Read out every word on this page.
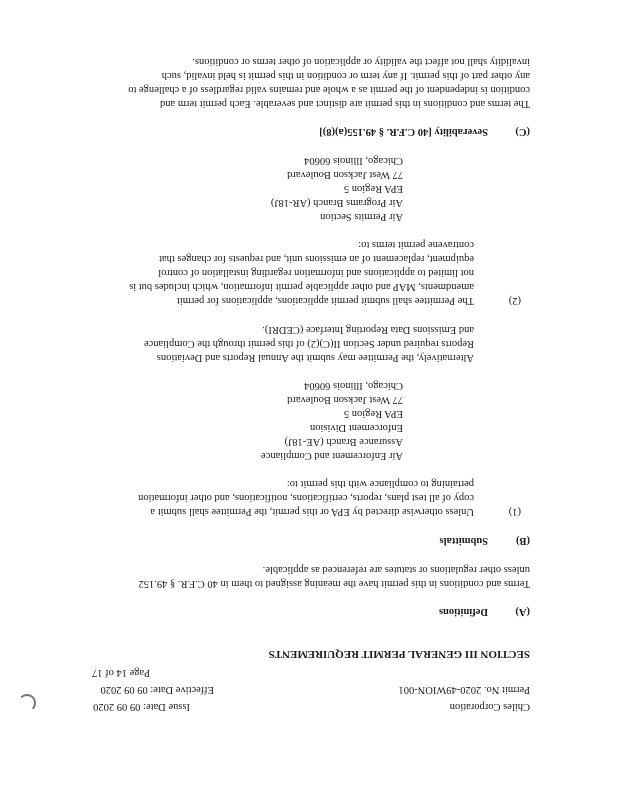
Chiles Corporation
Issue Date: 09 09 2020
Permit No. 2020-49WION-001
Effective Date: 09 09 2020
Page 14 of 17
SECTION III GENERAL PERMIT REQUIREMENTS
(A)
Definitions
Terms and conditions in this permit have the meaning assigned to them in 40 C.F.R. § 49.152
unless other regulations or statutes are referenced as applicable.
(B)
Submittals
(1)
Unless otherwise directed by EPA or this permit, the Permittee shall submit a
copy of all test plans, reports, certifications, notifications, and other information
pertaining to compliance with this permit to:
Air Enforcement and Compliance
Assurance Branch (AE-18J)
Enforcement Division
EPA Region 5
77 West Jackson Boulevard
Chicago, Illinois 60604
Alternatively, the Permittee may submit the Annual Reports and Deviations
Reports required under Section II(C)(2) of this permit through the Compliance
and Emissions Data Reporting Interface (CEDRI).
(2)
The Permittee shall submit permit applications, applications for permit
amendments, MAP and other applicable permit information, which includes but is
not limited to applications and information regarding installation of control
equipment, replacement of an emissions unit, and requests for changes that
contravene permit terms to:
Air Permits Section
Air Programs Branch (AR-18J)
EPA Region 5
77 West Jackson Boulevard
Chicago, Illinois 60604
(C)
Severability [40 C.F.R. § 49.155(a)(8)]
The terms and conditions in this permit are distinct and severable. Each permit term and
condition is independent of the permit as a whole and remains valid regardless of a challenge to
any other part of this permit. If any term or condition in this permit is held invalid, such
invalidity shall not affect the validity or application of other terms or conditions.
